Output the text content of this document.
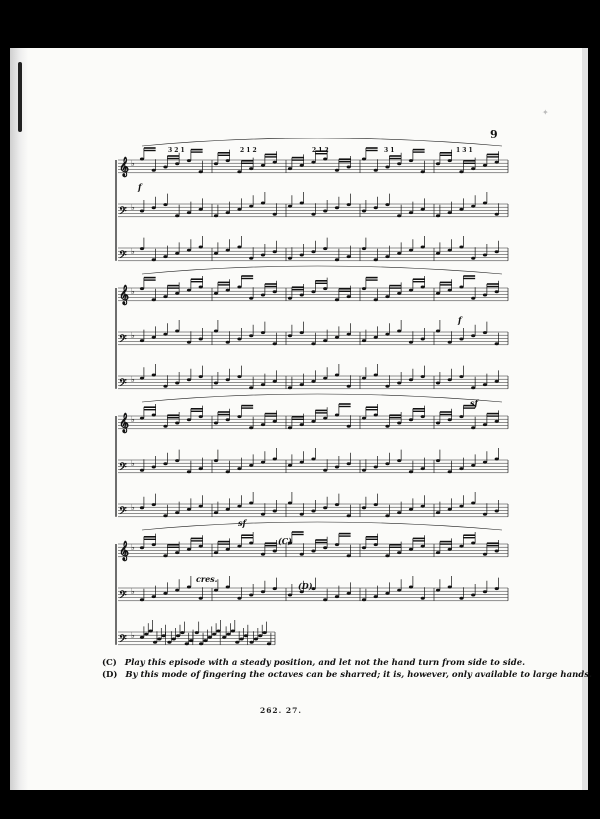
✦
9
𝄞 ♭
𝄢 ♭
𝄢 ♭
f
𝄞 ♭
𝄢 ♭
𝄢 ♭
f
sf
𝄞 ♭
𝄢 ♭
𝄢 ♭
sf
𝄞 ♭
𝄢 ♭
𝄢 ♭
cres.
(C)
(D)
3 2 1	2 1 2	2 1 2	3 1	1 3 1
(C) Play this episode with a steady position, and let not the hand turn from side to side.
(D) By this mode of fingering the octaves can be sharred; it is, however, only available to large hands.
262. 27.
